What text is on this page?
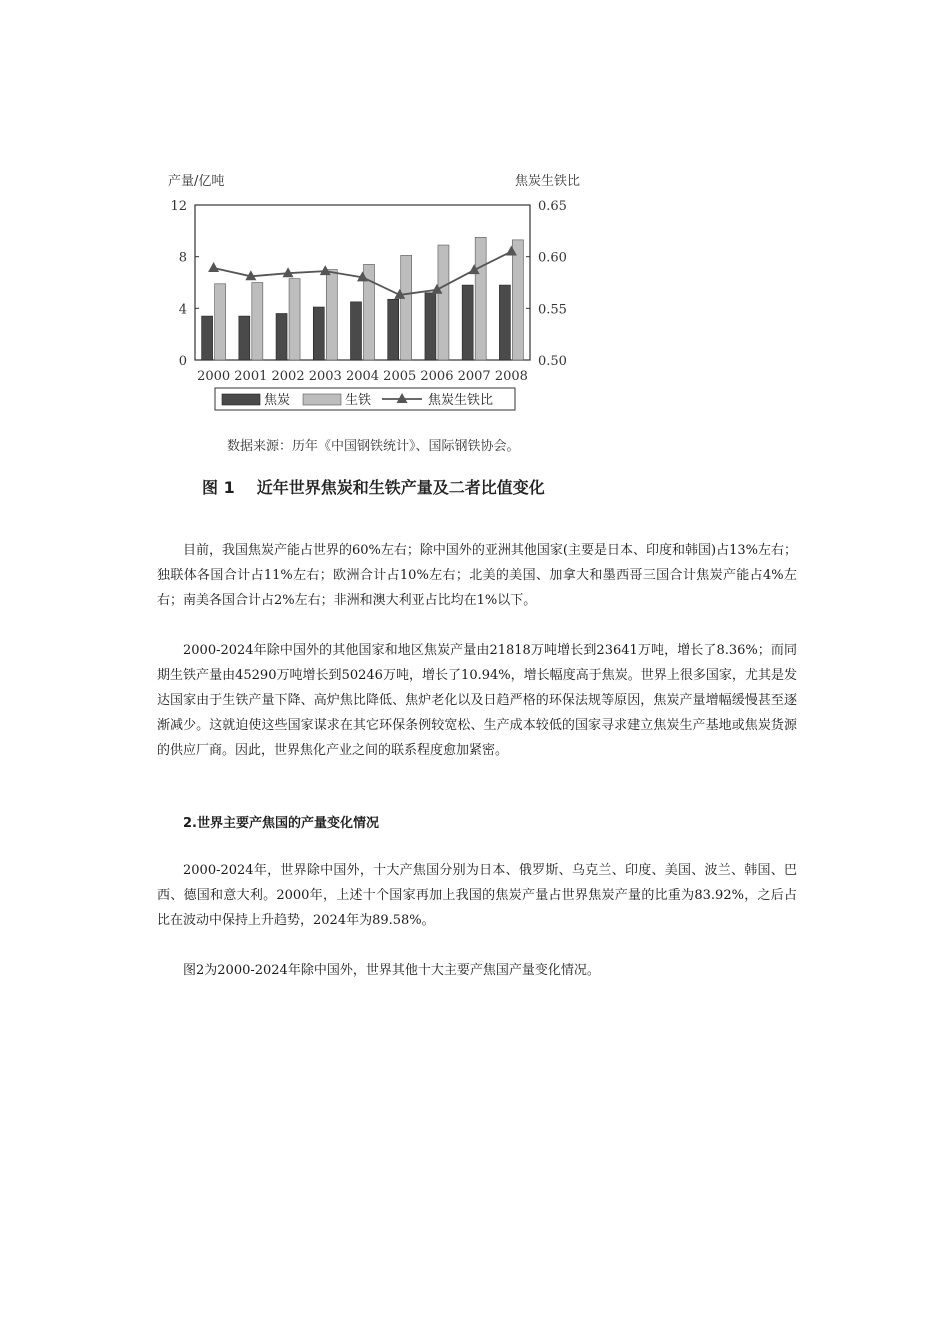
产量/亿吨	焦炭生铁比
0
4
8
12
0.50
0.55
0.60
0.65
2000 2001 2002 2003 2004 2005 2006 2007 2008
焦炭	生铁	焦炭生铁比
数据来源：历年《中国钢铁统计》、国际钢铁协会。
图 1 近年世界焦炭和生铁产量及二者比值变化

目前，我国焦炭产能占世界的60%左右；除中国外的亚洲其他国家(主要是日本、印度和韩国)占13%左右；独联体各国合计占11%左右；欧洲合计占10%左右；北美的美国、加拿大和墨西哥三国合计焦炭产能占4%左右；南美各国合计占2%左右；非洲和澳大利亚占比均在1%以下。

2000-2024年除中国外的其他国家和地区焦炭产量由21818万吨增长到23641万吨，增长了8.36%；而同期生铁产量由45290万吨增长到50246万吨，增长了10.94%，增长幅度高于焦炭。世界上很多国家，尤其是发达国家由于生铁产量下降、高炉焦比降低、焦炉老化以及日趋严格的环保法规等原因，焦炭产量增幅缓慢甚至逐渐减少。这就迫使这些国家谋求在其它环保条例较宽松、生产成本较低的国家寻求建立焦炭生产基地或焦炭货源的供应厂商。因此，世界焦化产业之间的联系程度愈加紧密。

2.世界主要产焦国的产量变化情况

2000-2024年，世界除中国外，十大产焦国分别为日本、俄罗斯、乌克兰、印度、美国、波兰、韩国、巴西、德国和意大利。2000年，上述十个国家再加上我国的焦炭产量占世界焦炭产量的比重为83.92%，之后占比在波动中保持上升趋势，2024年为89.58%。

图2为2000-2024年除中国外，世界其他十大主要产焦国产量变化情况。
